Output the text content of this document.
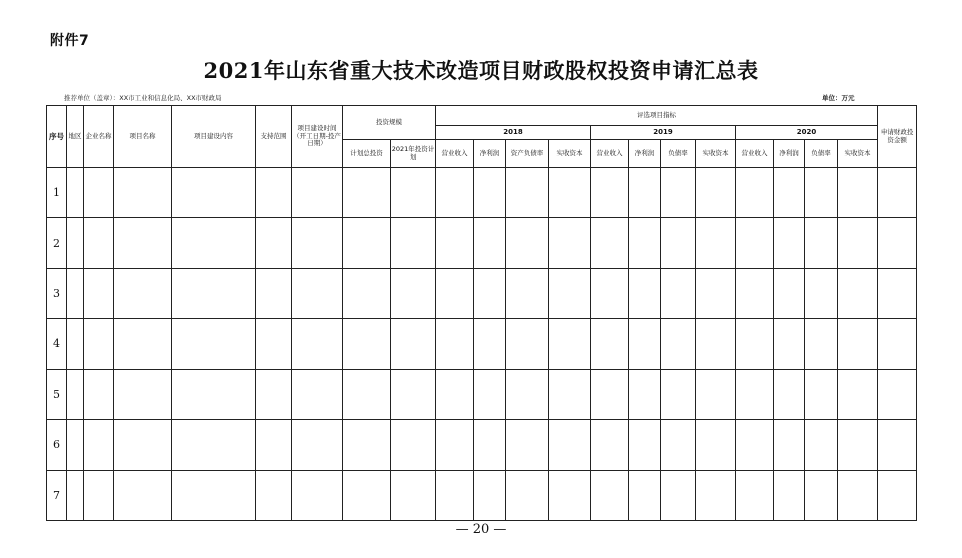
附件7
2021年山东省重大技术改造项目财政股权投资申请汇总表
推荐单位（盖章）：XX市工业和信息化局、XX市财政局	单位：万元
序号	地区	企业名称	项目名称	项目建设内容	支持范围	项目建设时间（开工日期-投产日期）	投资规模		评选项目指标												申请财政投资金额
									2018				2019				2020				
							计划总投资	2021年投资计划	营业收入	净利润	资产负债率	实收资本	营业收入	净利润	负债率	实收资本	营业收入	净利润	负债率	实收资本	
1																					
2																					
3																					
4																					
5																					
6																					
7																					
— 20 —
